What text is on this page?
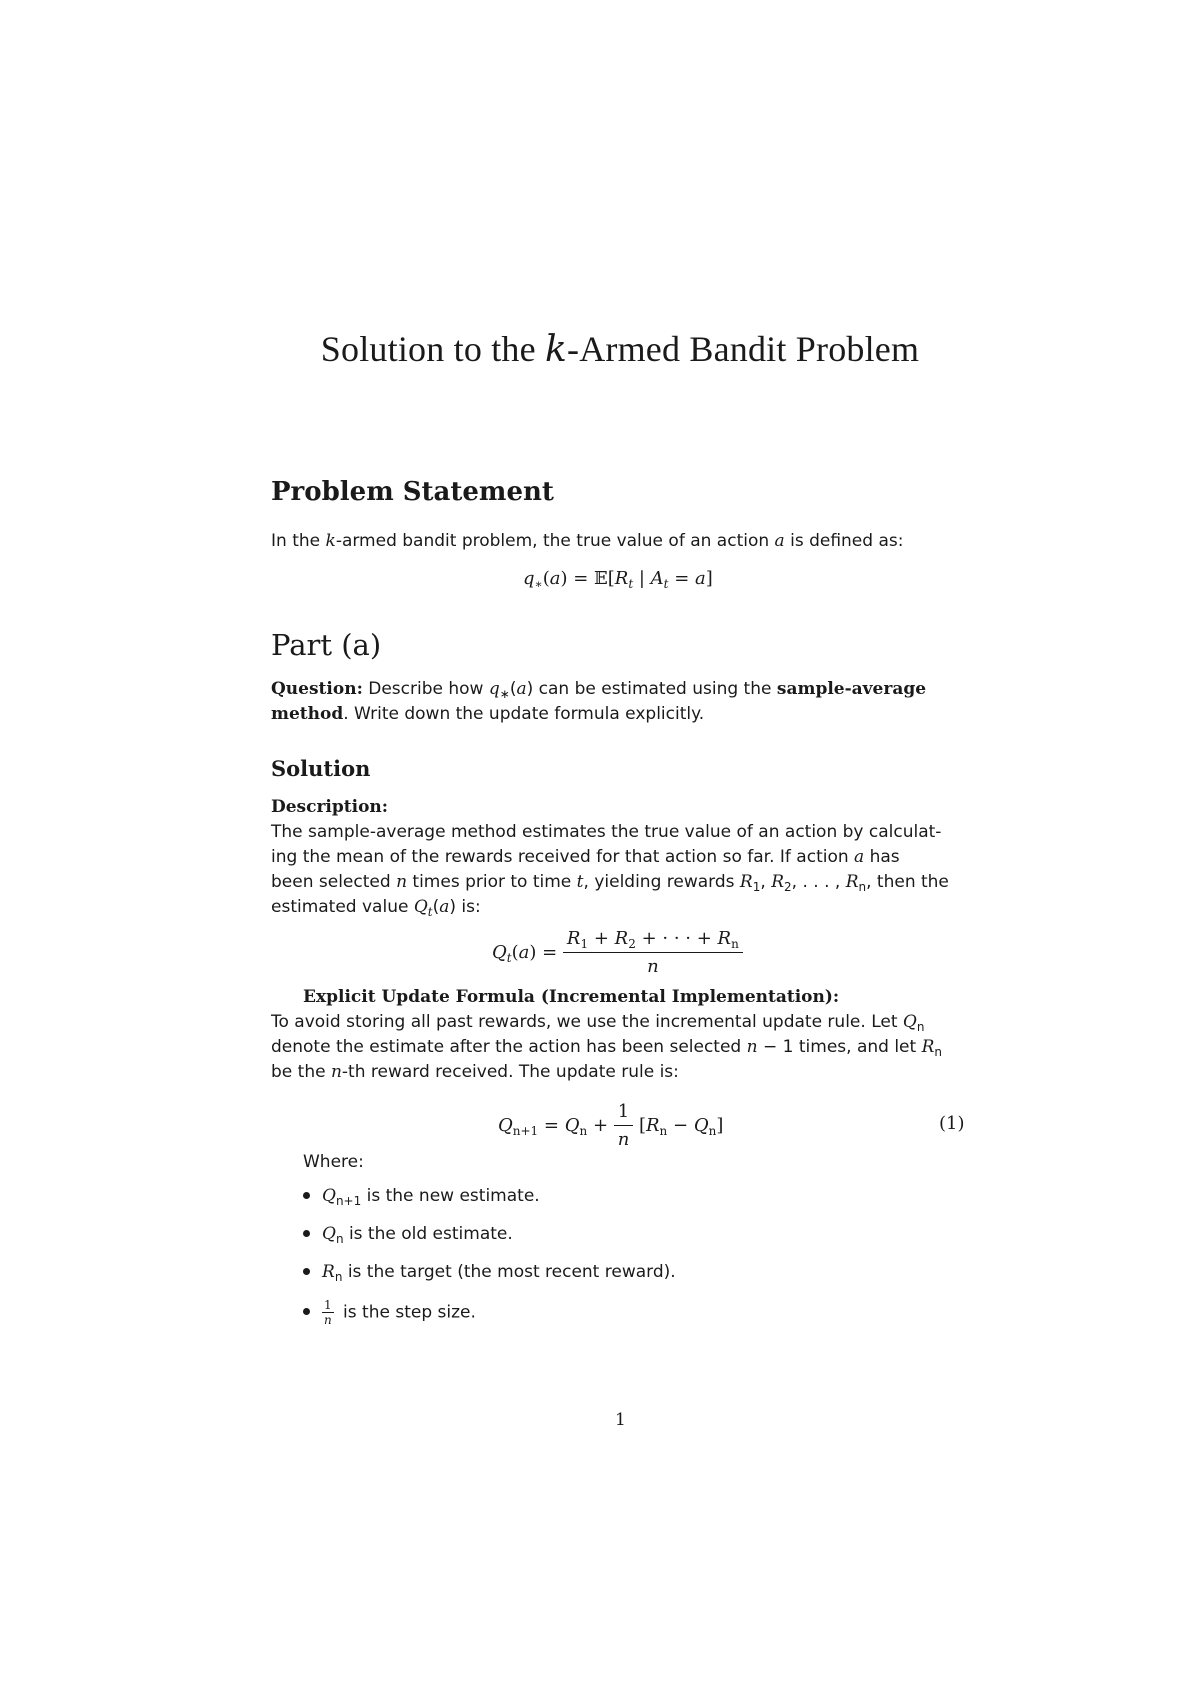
Solution to the k-Armed Bandit Problem
Problem Statement
In the k-armed bandit problem, the true value of an action a is defined as:
$q_∗(a)$ = $𝔼[R_t$ | $A_t = a$]
Part (a)
Question: Describe how $q_∗(a)$ can be estimated using the sample-average
method. Write down the update formula explicitly.
Solution
Description:
The sample-average method estimates the true value of an action by calculat-
ing the mean of the rewards received for that action so far. If action a has
been selected n times prior to time t, yielding rewards $R_1$, $R_2$, . . . , $R_n$, then the
estimated value $Q_t(a)$ is:
$Q_t(a) = \frac{R_1 + R_2 + \cdot \cdot \cdot + R_n}{n}$
Explicit Update Formula (Incremental Implementation):
To avoid storing all past rewards, we use the incremental update rule. Let $Q_n$
denote the estimate after the action has been selected n − 1 times, and let $R_n$
be the n-th reward received. The update rule is:
$Q_{n+1} = Q_n + \frac{1}{n} [R_n - Q_n]$	(1)
Where:
$Q_{n+1}$ is the new estimate.
$Q_n$ is the old estimate.
$R_n$ is the target (the most recent reward).
$\frac{1}{n}$ is the step size.
1
